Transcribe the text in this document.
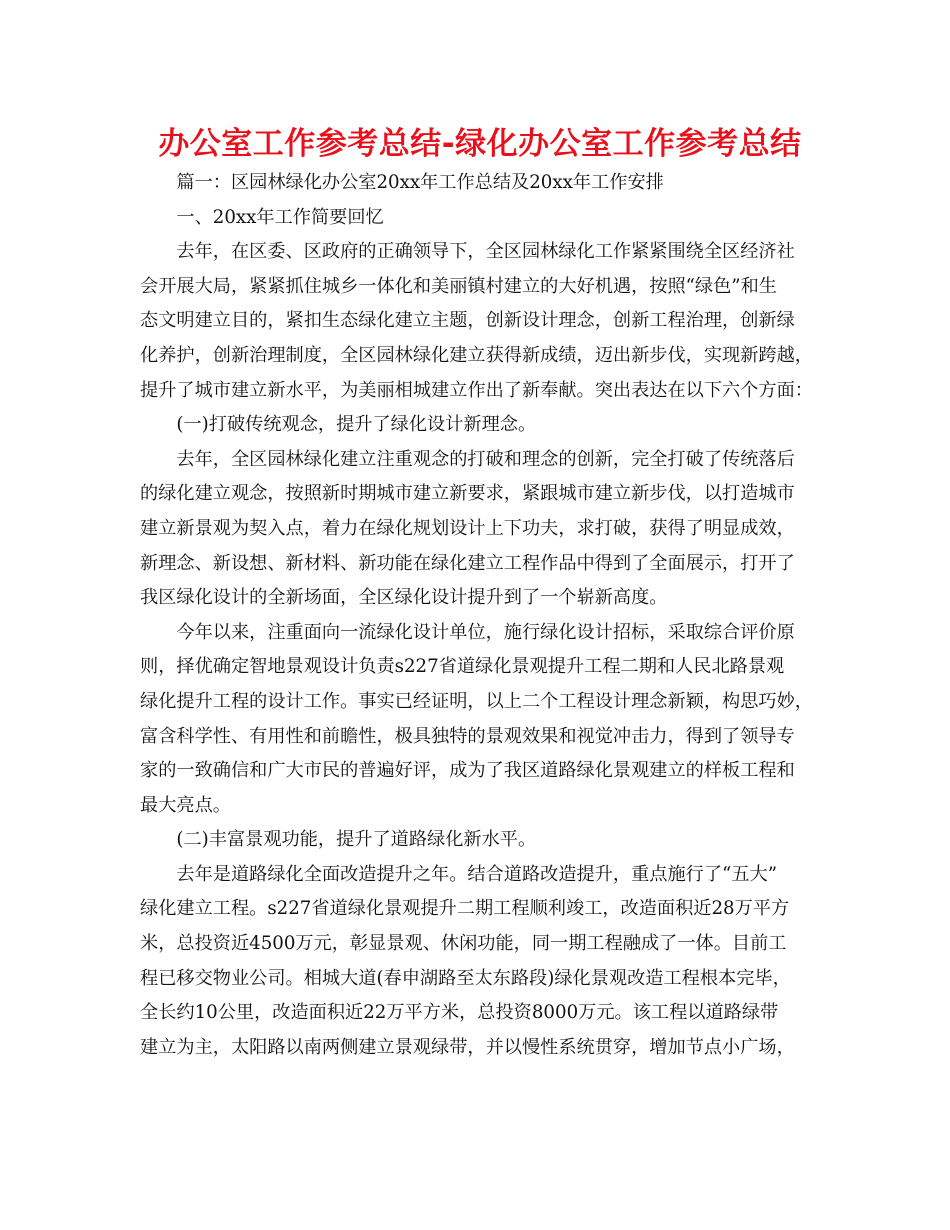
办公室工作参考总结-绿化办公室工作参考总结

篇一：区园林绿化办公室20xx年工作总结及20xx年工作安排

一、20xx年工作简要回忆

去年，在区委、区政府的正确领导下，全区园林绿化工作紧紧围绕全区经济社
会开展大局，紧紧抓住城乡一体化和美丽镇村建立的大好机遇，按照“绿色”和生
态文明建立目的，紧扣生态绿化建立主题，创新设计理念，创新工程治理，创新绿
化养护，创新治理制度，全区园林绿化建立获得新成绩，迈出新步伐，实现新跨越，
提升了城市建立新水平，为美丽相城建立作出了新奉献。突出表达在以下六个方面：

(一)打破传统观念，提升了绿化设计新理念。

去年，全区园林绿化建立注重观念的打破和理念的创新，完全打破了传统落后
的绿化建立观念，按照新时期城市建立新要求，紧跟城市建立新步伐，以打造城市
建立新景观为契入点，着力在绿化规划设计上下功夫，求打破，获得了明显成效，
新理念、新设想、新材料、新功能在绿化建立工程作品中得到了全面展示，打开了
我区绿化设计的全新场面，全区绿化设计提升到了一个崭新高度。

今年以来，注重面向一流绿化设计单位，施行绿化设计招标，采取综合评价原
则，择优确定智地景观设计负责s227省道绿化景观提升工程二期和人民北路景观
绿化提升工程的设计工作。事实已经证明，以上二个工程设计理念新颖，构思巧妙，
富含科学性、有用性和前瞻性，极具独特的景观效果和视觉冲击力，得到了领导专
家的一致确信和广大市民的普遍好评，成为了我区道路绿化景观建立的样板工程和
最大亮点。

(二)丰富景观功能，提升了道路绿化新水平。

去年是道路绿化全面改造提升之年。结合道路改造提升，重点施行了“五大”
绿化建立工程。s227省道绿化景观提升二期工程顺利竣工，改造面积近28万平方
米，总投资近4500万元，彰显景观、休闲功能，同一期工程融成了一体。目前工
程已移交物业公司。相城大道(春申湖路至太东路段)绿化景观改造工程根本完毕，
全长约10公里，改造面积近22万平方米，总投资8000万元。该工程以道路绿带
建立为主，太阳路以南两侧建立景观绿带，并以慢性系统贯穿，增加节点小广场，
